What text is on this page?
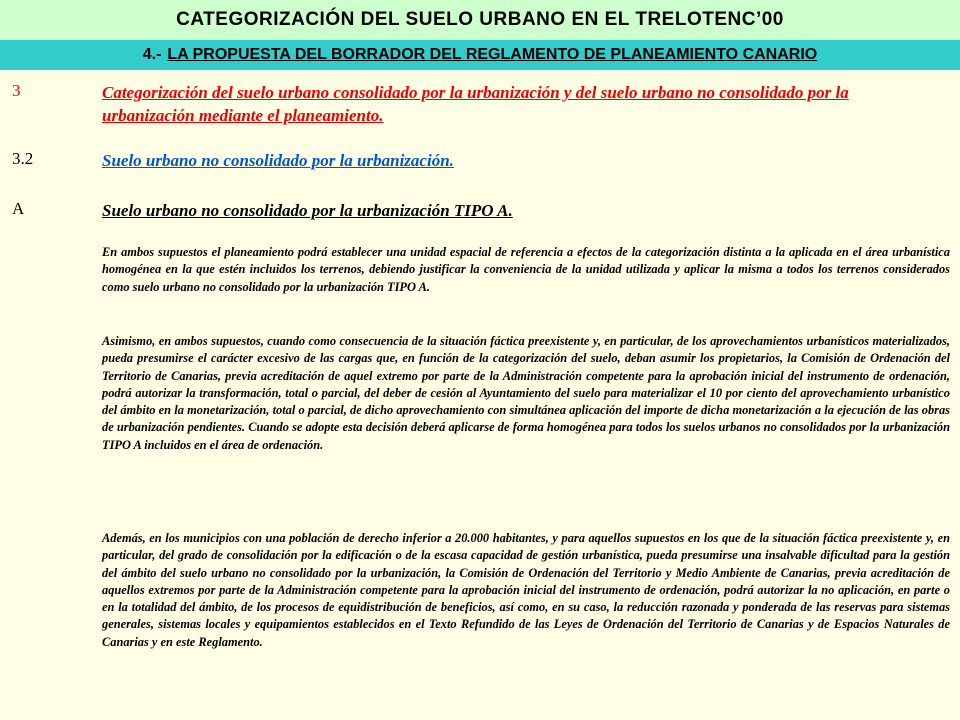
CATEGORIZACIÓN DEL SUELO URBANO EN EL TRELOTENC’00
4.- LA PROPUESTA DEL BORRADOR DEL REGLAMENTO DE PLANEAMIENTO CANARIO
3	Categorización del suelo urbano consolidado por la urbanización y del suelo urbano no consolidado por la urbanización mediante el planeamiento.
3.2	Suelo urbano no consolidado por la urbanización.
A	Suelo urbano no consolidado por la urbanización TIPO A.

En ambos supuestos el planeamiento podrá establecer una unidad espacial de referencia a efectos de la categorización distinta a la aplicada en el área urbanística homogénea en la que estén incluidos los terrenos, debiendo justificar la conveniencia de la unidad utilizada y aplicar la misma a todos los terrenos considerados como suelo urbano no consolidado por la urbanización TIPO A.

Asimismo, en ambos supuestos, cuando como consecuencia de la situación fáctica preexistente y, en particular, de los aprovechamientos urbanísticos materializados, pueda presumirse el carácter excesivo de las cargas que, en función de la categorización del suelo, deban asumir los propietarios, la Comisión de Ordenación del Territorio de Canarias, previa acreditación de aquel extremo por parte de la Administración competente para la aprobación inicial del instrumento de ordenación, podrá autorizar la transformación, total o parcial, del deber de cesión al Ayuntamiento del suelo para materializar el 10 por ciento del aprovechamiento urbanístico del ámbito en la monetarización, total o parcial, de dicho aprovechamiento con simultánea aplicación del importe de dicha monetarización a la ejecución de las obras de urbanización pendientes. Cuando se adopte esta decisión deberá aplicarse de forma homogénea para todos los suelos urbanos no consolidados por la urbanización TIPO A incluidos en el área de ordenación.

Además, en los municipios con una población de derecho inferior a 20.000 habitantes, y para aquellos supuestos en los que de la situación fáctica preexistente y, en particular, del grado de consolidación por la edificación o de la escasa capacidad de gestión urbanística, pueda presumirse una insalvable dificultad para la gestión del ámbito del suelo urbano no consolidado por la urbanización, la Comisión de Ordenación del Territorio y Medio Ambiente de Canarias, previa acreditación de aquellos extremos por parte de la Administración competente para la aprobación inicial del instrumento de ordenación, podrá autorizar la no aplicación, en parte o en la totalidad del ámbito, de los procesos de equidistribución de beneficios, así como, en su caso, la reducción razonada y ponderada de las reservas para sistemas generales, sistemas locales y equipamientos establecidos en el Texto Refundido de las Leyes de Ordenación del Territorio de Canarias y de Espacios Naturales de Canarias y en este Reglamento.
